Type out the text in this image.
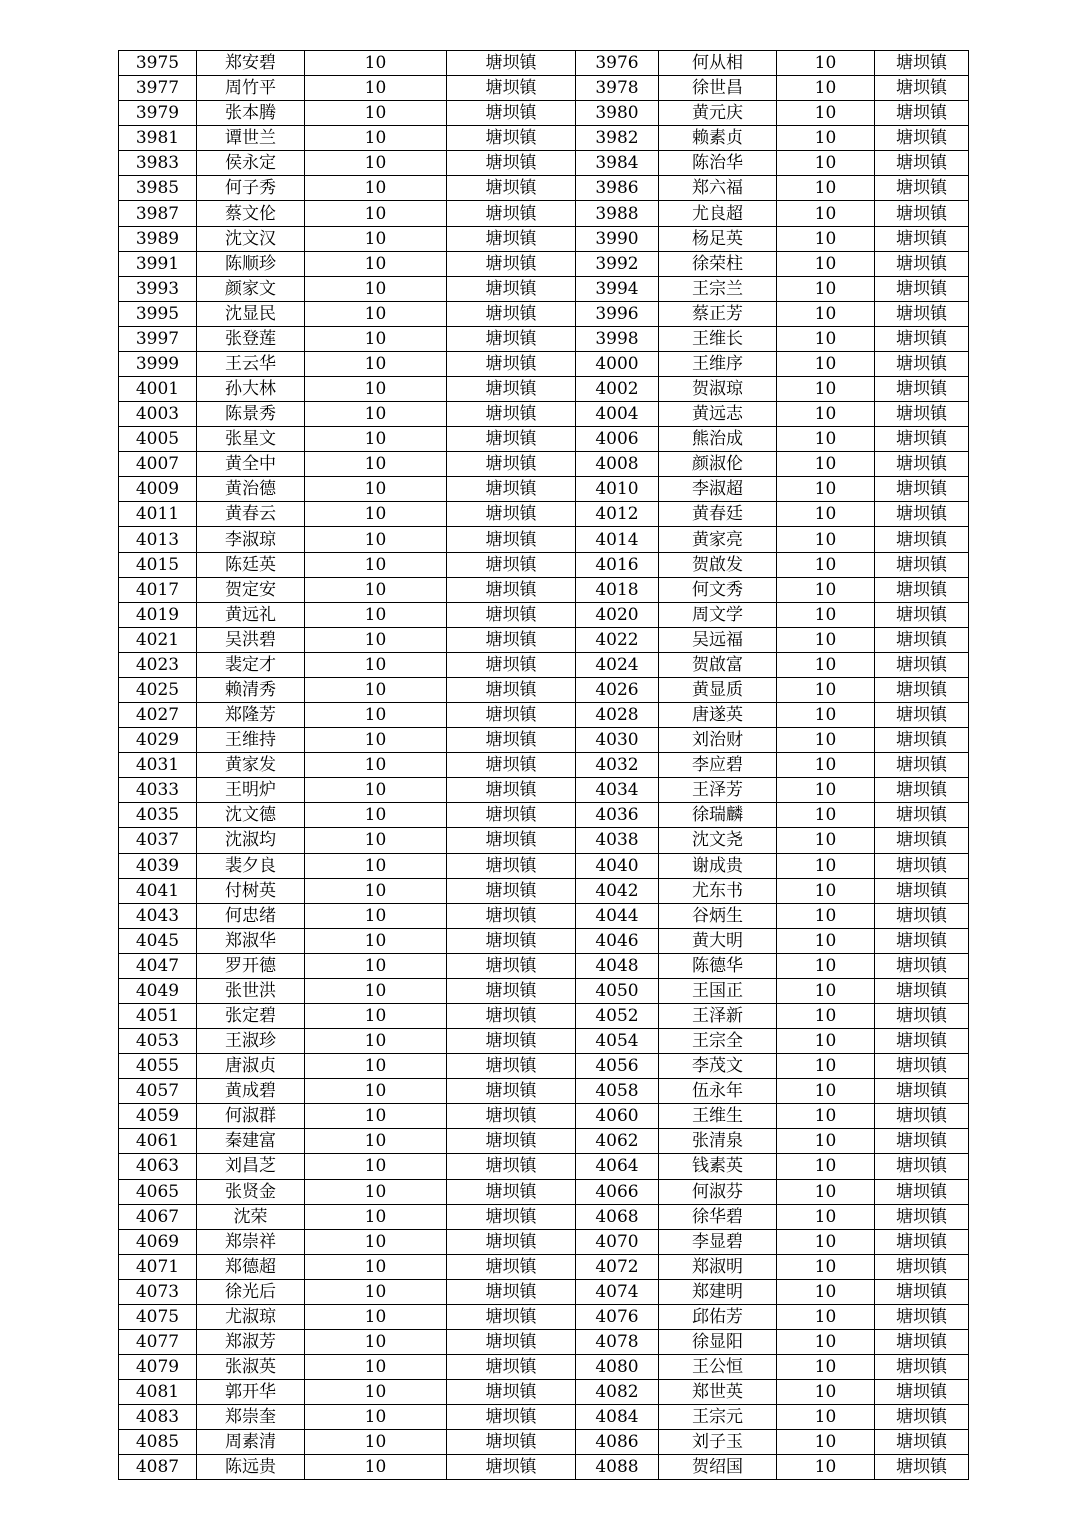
3975	郑安碧	10	塘坝镇	3976	何从相	10	塘坝镇
3977	周竹平	10	塘坝镇	3978	徐世昌	10	塘坝镇
3979	张本腾	10	塘坝镇	3980	黄元庆	10	塘坝镇
3981	谭世兰	10	塘坝镇	3982	赖素贞	10	塘坝镇
3983	侯永定	10	塘坝镇	3984	陈治华	10	塘坝镇
3985	何子秀	10	塘坝镇	3986	郑六福	10	塘坝镇
3987	蔡文伦	10	塘坝镇	3988	尤良超	10	塘坝镇
3989	沈文汉	10	塘坝镇	3990	杨足英	10	塘坝镇
3991	陈顺珍	10	塘坝镇	3992	徐荣柱	10	塘坝镇
3993	颜家文	10	塘坝镇	3994	王宗兰	10	塘坝镇
3995	沈显民	10	塘坝镇	3996	蔡正芳	10	塘坝镇
3997	张登莲	10	塘坝镇	3998	王维长	10	塘坝镇
3999	王云华	10	塘坝镇	4000	王维序	10	塘坝镇
4001	孙大林	10	塘坝镇	4002	贺淑琼	10	塘坝镇
4003	陈景秀	10	塘坝镇	4004	黄远志	10	塘坝镇
4005	张星文	10	塘坝镇	4006	熊治成	10	塘坝镇
4007	黄全中	10	塘坝镇	4008	颜淑伦	10	塘坝镇
4009	黄治德	10	塘坝镇	4010	李淑超	10	塘坝镇
4011	黄春云	10	塘坝镇	4012	黄春廷	10	塘坝镇
4013	李淑琼	10	塘坝镇	4014	黄家亮	10	塘坝镇
4015	陈廷英	10	塘坝镇	4016	贺啟发	10	塘坝镇
4017	贺定安	10	塘坝镇	4018	何文秀	10	塘坝镇
4019	黄远礼	10	塘坝镇	4020	周文学	10	塘坝镇
4021	吴洪碧	10	塘坝镇	4022	吴远福	10	塘坝镇
4023	裴定才	10	塘坝镇	4024	贺啟富	10	塘坝镇
4025	赖清秀	10	塘坝镇	4026	黄显质	10	塘坝镇
4027	郑隆芳	10	塘坝镇	4028	唐遂英	10	塘坝镇
4029	王维持	10	塘坝镇	4030	刘治财	10	塘坝镇
4031	黄家发	10	塘坝镇	4032	李应碧	10	塘坝镇
4033	王明炉	10	塘坝镇	4034	王泽芳	10	塘坝镇
4035	沈文德	10	塘坝镇	4036	徐瑞麟	10	塘坝镇
4037	沈淑均	10	塘坝镇	4038	沈文尧	10	塘坝镇
4039	裴夕良	10	塘坝镇	4040	谢成贵	10	塘坝镇
4041	付树英	10	塘坝镇	4042	尤东书	10	塘坝镇
4043	何忠绪	10	塘坝镇	4044	谷炳生	10	塘坝镇
4045	郑淑华	10	塘坝镇	4046	黄大明	10	塘坝镇
4047	罗开德	10	塘坝镇	4048	陈德华	10	塘坝镇
4049	张世洪	10	塘坝镇	4050	王国正	10	塘坝镇
4051	张定碧	10	塘坝镇	4052	王泽新	10	塘坝镇
4053	王淑珍	10	塘坝镇	4054	王宗全	10	塘坝镇
4055	唐淑贞	10	塘坝镇	4056	李茂文	10	塘坝镇
4057	黄成碧	10	塘坝镇	4058	伍永年	10	塘坝镇
4059	何淑群	10	塘坝镇	4060	王维生	10	塘坝镇
4061	秦建富	10	塘坝镇	4062	张清泉	10	塘坝镇
4063	刘昌芝	10	塘坝镇	4064	钱素英	10	塘坝镇
4065	张贤金	10	塘坝镇	4066	何淑芬	10	塘坝镇
4067	沈荣	10	塘坝镇	4068	徐华碧	10	塘坝镇
4069	郑崇祥	10	塘坝镇	4070	李显碧	10	塘坝镇
4071	郑德超	10	塘坝镇	4072	郑淑明	10	塘坝镇
4073	徐光后	10	塘坝镇	4074	郑建明	10	塘坝镇
4075	尤淑琼	10	塘坝镇	4076	邱佑芳	10	塘坝镇
4077	郑淑芳	10	塘坝镇	4078	徐显阳	10	塘坝镇
4079	张淑英	10	塘坝镇	4080	王公恒	10	塘坝镇
4081	郭开华	10	塘坝镇	4082	郑世英	10	塘坝镇
4083	郑崇奎	10	塘坝镇	4084	王宗元	10	塘坝镇
4085	周素清	10	塘坝镇	4086	刘子玉	10	塘坝镇
4087	陈远贵	10	塘坝镇	4088	贺绍国	10	塘坝镇
